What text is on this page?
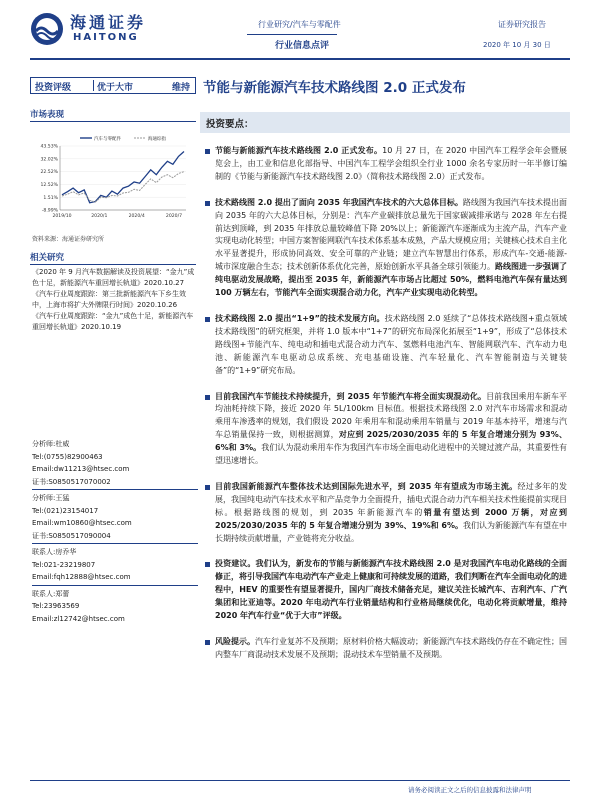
海通证券
HAITONG
行业研究/汽车与零配件
行业信息点评
证券研究报告
2020 年 10 月 30 日
投资评级	优于大市	维持 节能与新能源汽车技术路线图 2.0 正式发布
市场表现
汽车与零配件	海通综指
43.53%
32.02%
22.52%
12.52%
1.51%
-8.99%
2019/10	2020/1	2020/4	2020/7
资料来源：海通证券研究所
相关研究
《2020 年 9 月汽车数据解读及投资展望：“金九”成色十足，新能源汽车重回增长轨道》2020.10.27
《汽车行业周度跟踪：第三批新能源汽车下乡生效中，上海市将扩大外牌限行时间》2020.10.26
《汽车行业周度跟踪：“金九”成色十足，新能源汽车重回增长轨道》2020.10.19
分析师:杜威
Tel:(0755)82900463
Email:dw11213@htsec.com
证书:S0850517070002
分析师:王猛
Tel:(021)23154017
Email:wm10860@htsec.com
证书:S0850517090004
联系人:房乔华
Tel:021-23219807
Email:fqh12888@htsec.com
联系人:郑蕾
Tel:23963569
Email:zl12742@htsec.com
投资要点：
节能与新能源汽车技术路线图 2.0 正式发布。10 月 27 日，在 2020 中国汽车工程学会年会暨展览会上，由工业和信息化部指导、中国汽车工程学会组织全行业 1000 余名专家历时一年半修订编制的《节能与新能源汽车技术路线图 2.0》（简称技术路线图 2.0）正式发布。
技术路线图 2.0 提出了面向 2035 年我国汽车技术的六大总体目标。路线图为我国汽车技术提出面向 2035 年的六大总体目标，分别是：汽车产业碳排放总量先于国家碳减排承诺与 2028 年左右提前达到顶峰，到 2035 年排放总量较峰值下降 20%以上；新能源汽车逐渐成为主流产品，汽车产业实现电动化转型；中国方案智能网联汽车技术体系基本成熟，产品大规模应用；关键核心技术自主化水平显著提升，形成协同高效、安全可靠的产业链；建立汽车智慧出行体系，形成汽车-交通-能源-城市深度融合生态；技术创新体系优化完善，原始创新水平具备全球引领能力。路线图进一步强调了纯电驱动发展战略，提出至 2035 年，新能源汽车市场占比超过 50%，燃料电池汽车保有量达到 100 万辆左右，节能汽车全面实现混合动力化，汽车产业实现电动化转型。
技术路线图 2.0 提出“1+9”的技术发展方向。技术路线图 2.0 延续了“总体技术路线图+重点领域技术路线图”的研究框架，并将 1.0 版本中“1+7”的研究布局深化拓展至“1+9”，形成了“总体技术路线图+节能汽车、纯电动和插电式混合动力汽车、氢燃料电池汽车、智能网联汽车、汽车动力电池、新能源汽车电驱动总成系统、充电基础设施、汽车轻量化、汽车智能制造与关键装备”的“1+9”研究布局。
目前我国汽车节能技术持续提升，到 2035 年节能汽车将全面实现混动化。目前我国乘用车新车平均油耗持续下降，接近 2020 年 5L/100km 目标值。根据技术路线图 2.0 对汽车市场需求和混动乘用车渗透率的规划，我们假设 2020 年乘用车和混动乘用车销量与 2019 年基本持平，增速与汽车总销量保持一致，则根据测算，对应到 2025/2030/2035 年的 5 年复合增速分别为 93%、6%和 3%。我们认为混动乘用车作为我国汽车市场全面电动化进程中的关键过渡产品，其重要性有望迅速增长。
目前我国新能源汽车整体技术达到国际先进水平，到 2035 年有望成为市场主流。经过多年的发展，我国纯电动汽车技术水平和产品竞争力全面提升，插电式混合动力汽车相关技术性能提前实现目标。根据路线图的规划，到 2035 年新能源汽车的销量有望达到 2000 万辆，对应到 2025/2030/2035 年的 5 年复合增速分别为 39%、19%和 6%。我们认为新能源汽车有望在中长期持续贡献增量，产业链将充分收益。
投资建议。我们认为，新发布的节能与新能源汽车技术路线图 2.0 是对我国汽车电动化路线的全面修正，将引导我国汽车电动汽车产业走上健康和可持续发展的道路，我们判断在汽车全面电动化的进程中，HEV 的重要性有望显著提升，国内厂商技术储备充足，建议关注长城汽车、吉利汽车、广汽集团和比亚迪等。2020 年电动汽车行业销量结构和行业格局继续优化，电动化将贡献增量，维持 2020 年汽车行业“优于大市”评级。
风险提示。汽车行业复苏不及预期；原材料价格大幅波动；新能源汽车技术路线仍存在不确定性；国内整车厂商混动技术发展不及预期；混动技术车型销量不及预期。
请务必阅读正文之后的信息披露和法律声明
